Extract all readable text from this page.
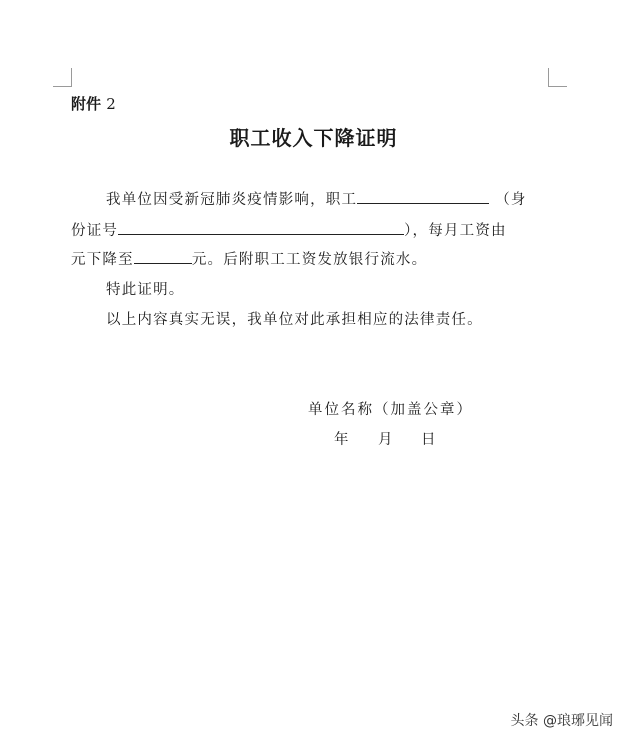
附件 2
职工收入下降证明
我单位因受新冠肺炎疫情影响，职工	（身
份证号	），每月工资由
元下降至	元。后附职工工资发放银行流水。
特此证明。
以上内容真实无误，我单位对此承担相应的法律责任。
单位名称（加盖公章）
年 月 日
头条 @琅琊见闻
